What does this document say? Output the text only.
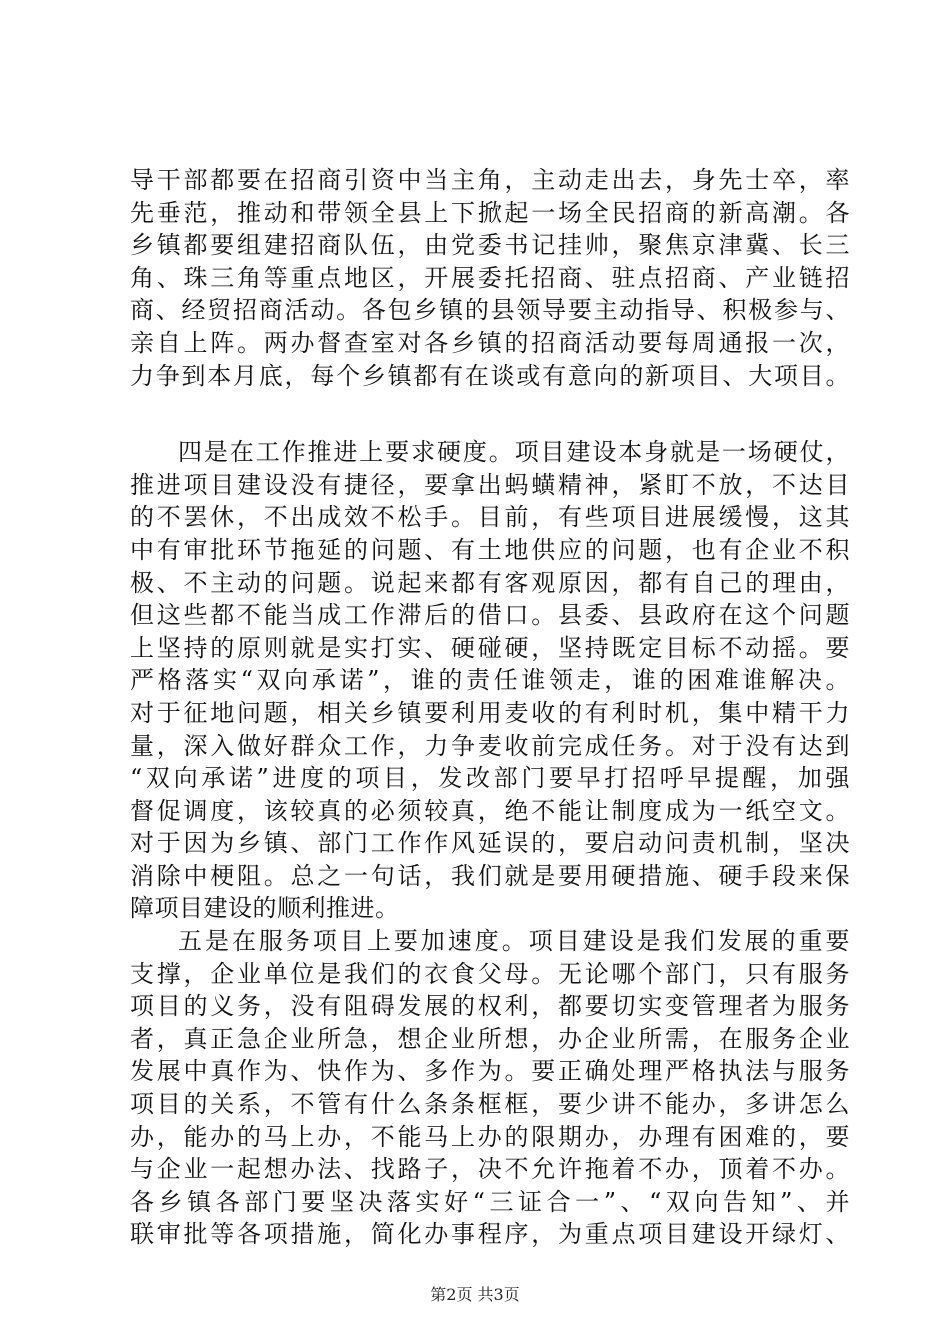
导干部都要在招商引资中当主角，主动走出去，身先士卒，率
先垂范，推动和带领全县上下掀起一场全民招商的新高潮。各
乡镇都要组建招商队伍，由党委书记挂帅，聚焦京津冀、长三
角、珠三角等重点地区，开展委托招商、驻点招商、产业链招
商、经贸招商活动。各包乡镇的县领导要主动指导、积极参与、
亲自上阵。两办督查室对各乡镇的招商活动要每周通报一次，
力争到本月底，每个乡镇都有在谈或有意向的新项目、大项目。
四是在工作推进上要求硬度。项目建设本身就是一场硬仗，
推进项目建设没有捷径，要拿出蚂蟥精神，紧盯不放，不达目
的不罢休，不出成效不松手。目前，有些项目进展缓慢，这其
中有审批环节拖延的问题、有土地供应的问题，也有企业不积
极、不主动的问题。说起来都有客观原因，都有自己的理由，
但这些都不能当成工作滞后的借口。县委、县政府在这个问题
上坚持的原则就是实打实、硬碰硬，坚持既定目标不动摇。要
严格落实“双向承诺”，谁的责任谁领走，谁的困难谁解决。
对于征地问题，相关乡镇要利用麦收的有利时机，集中精干力
量，深入做好群众工作，力争麦收前完成任务。对于没有达到
“双向承诺”进度的项目，发改部门要早打招呼早提醒，加强
督促调度，该较真的必须较真，绝不能让制度成为一纸空文。
对于因为乡镇、部门工作作风延误的，要启动问责机制，坚决
消除中梗阻。总之一句话，我们就是要用硬措施、硬手段来保
障项目建设的顺利推进。
五是在服务项目上要加速度。项目建设是我们发展的重要
支撑，企业单位是我们的衣食父母。无论哪个部门，只有服务
项目的义务，没有阻碍发展的权利，都要切实变管理者为服务
者，真正急企业所急，想企业所想，办企业所需，在服务企业
发展中真作为、快作为、多作为。要正确处理严格执法与服务
项目的关系，不管有什么条条框框，要少讲不能办，多讲怎么
办，能办的马上办，不能马上办的限期办，办理有困难的，要
与企业一起想办法、找路子，决不允许拖着不办，顶着不办。
各乡镇各部门要坚决落实好“三证合一”、“双向告知”、并
联审批等各项措施，简化办事程序，为重点项目建设开绿灯、
第2页 共3页
